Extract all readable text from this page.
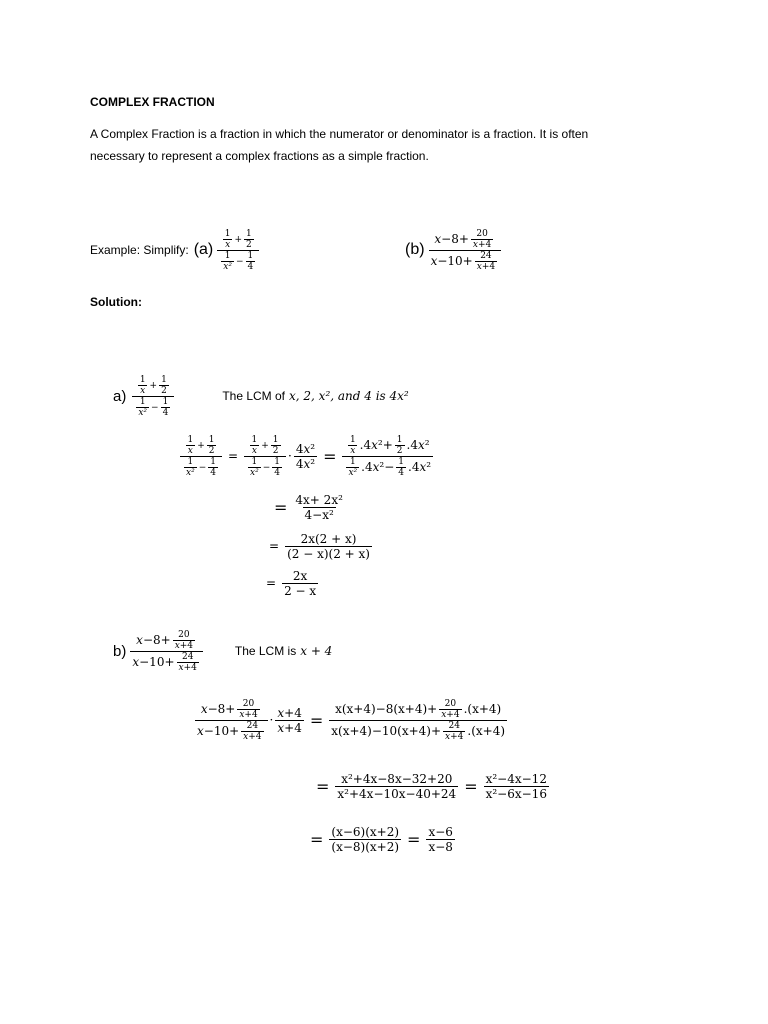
COMPLEX FRACTION
A Complex Fraction is a fraction in which the numerator or denominator is a fraction. It is often
necessary to represent a complex fractions as a simple fraction.
Example: Simplify: $(a) \frac{\frac{1}{x} + \frac{1}{2}}{\frac{1}{\text{x²}} - \frac{1}{4}}$	$(b) \frac{x-8+ \frac{20}{x+4}}{x-10+ \frac{24}{x+4}}$
Solution:
$a) \frac{\frac{1}{x} + \frac{1}{2}}{\frac{1}{\text{x²}} - \frac{1}{4}}$	The LCM of x, 2, x², and 4 is 4x²
$\frac{\frac{1}{x} + \frac{1}{2}}{\frac{1}{\text{x²}} - \frac{1}{4}} = \frac{\frac{1}{x} + \frac{1}{2}}{\frac{1}{\text{x²}} - \frac{1}{4}} \cdot \frac{\text{4x²}}{\text{4x²}} = \frac{\frac{1}{x} .4x^2+ \frac{1}{2} .4x^2}{\frac{1}{\text{x²}} .4x^2- \frac{1}{4} .4x^2}$
= $\frac{\text{4x+ 2x²}}{\text{4−x²}}$
= $\frac{2x(2 + x)}{(2 - x)(2 + x)}$
= $\frac{2x}{2 - x}$
$b) \frac{x-8+ \frac{20}{x+4}}{x-10+ \frac{24}{x+4}}$	The LCM is x + 4
$\frac{x-8+ \frac{20}{x+4}}{x-10+ \frac{24}{x+4}} \cdot \frac{x+4}{x+4} = \frac{x(x+4)-8(x+4)+ \frac{20}{x+4} .(x+4)}{x(x+4)-10(x+4)+ \frac{24}{x+4} .(x+4)}$
= $\frac{\text{x²+4x−8x−32+20}}{\text{x²+4x−10x−40+24}} = \frac{\text{x²−4x−12}}{\text{x²−6x−16}}$
= $\frac{(x-6)(x+2)}{(x-8)(x+2)} = \frac{x-6}{x-8}$
